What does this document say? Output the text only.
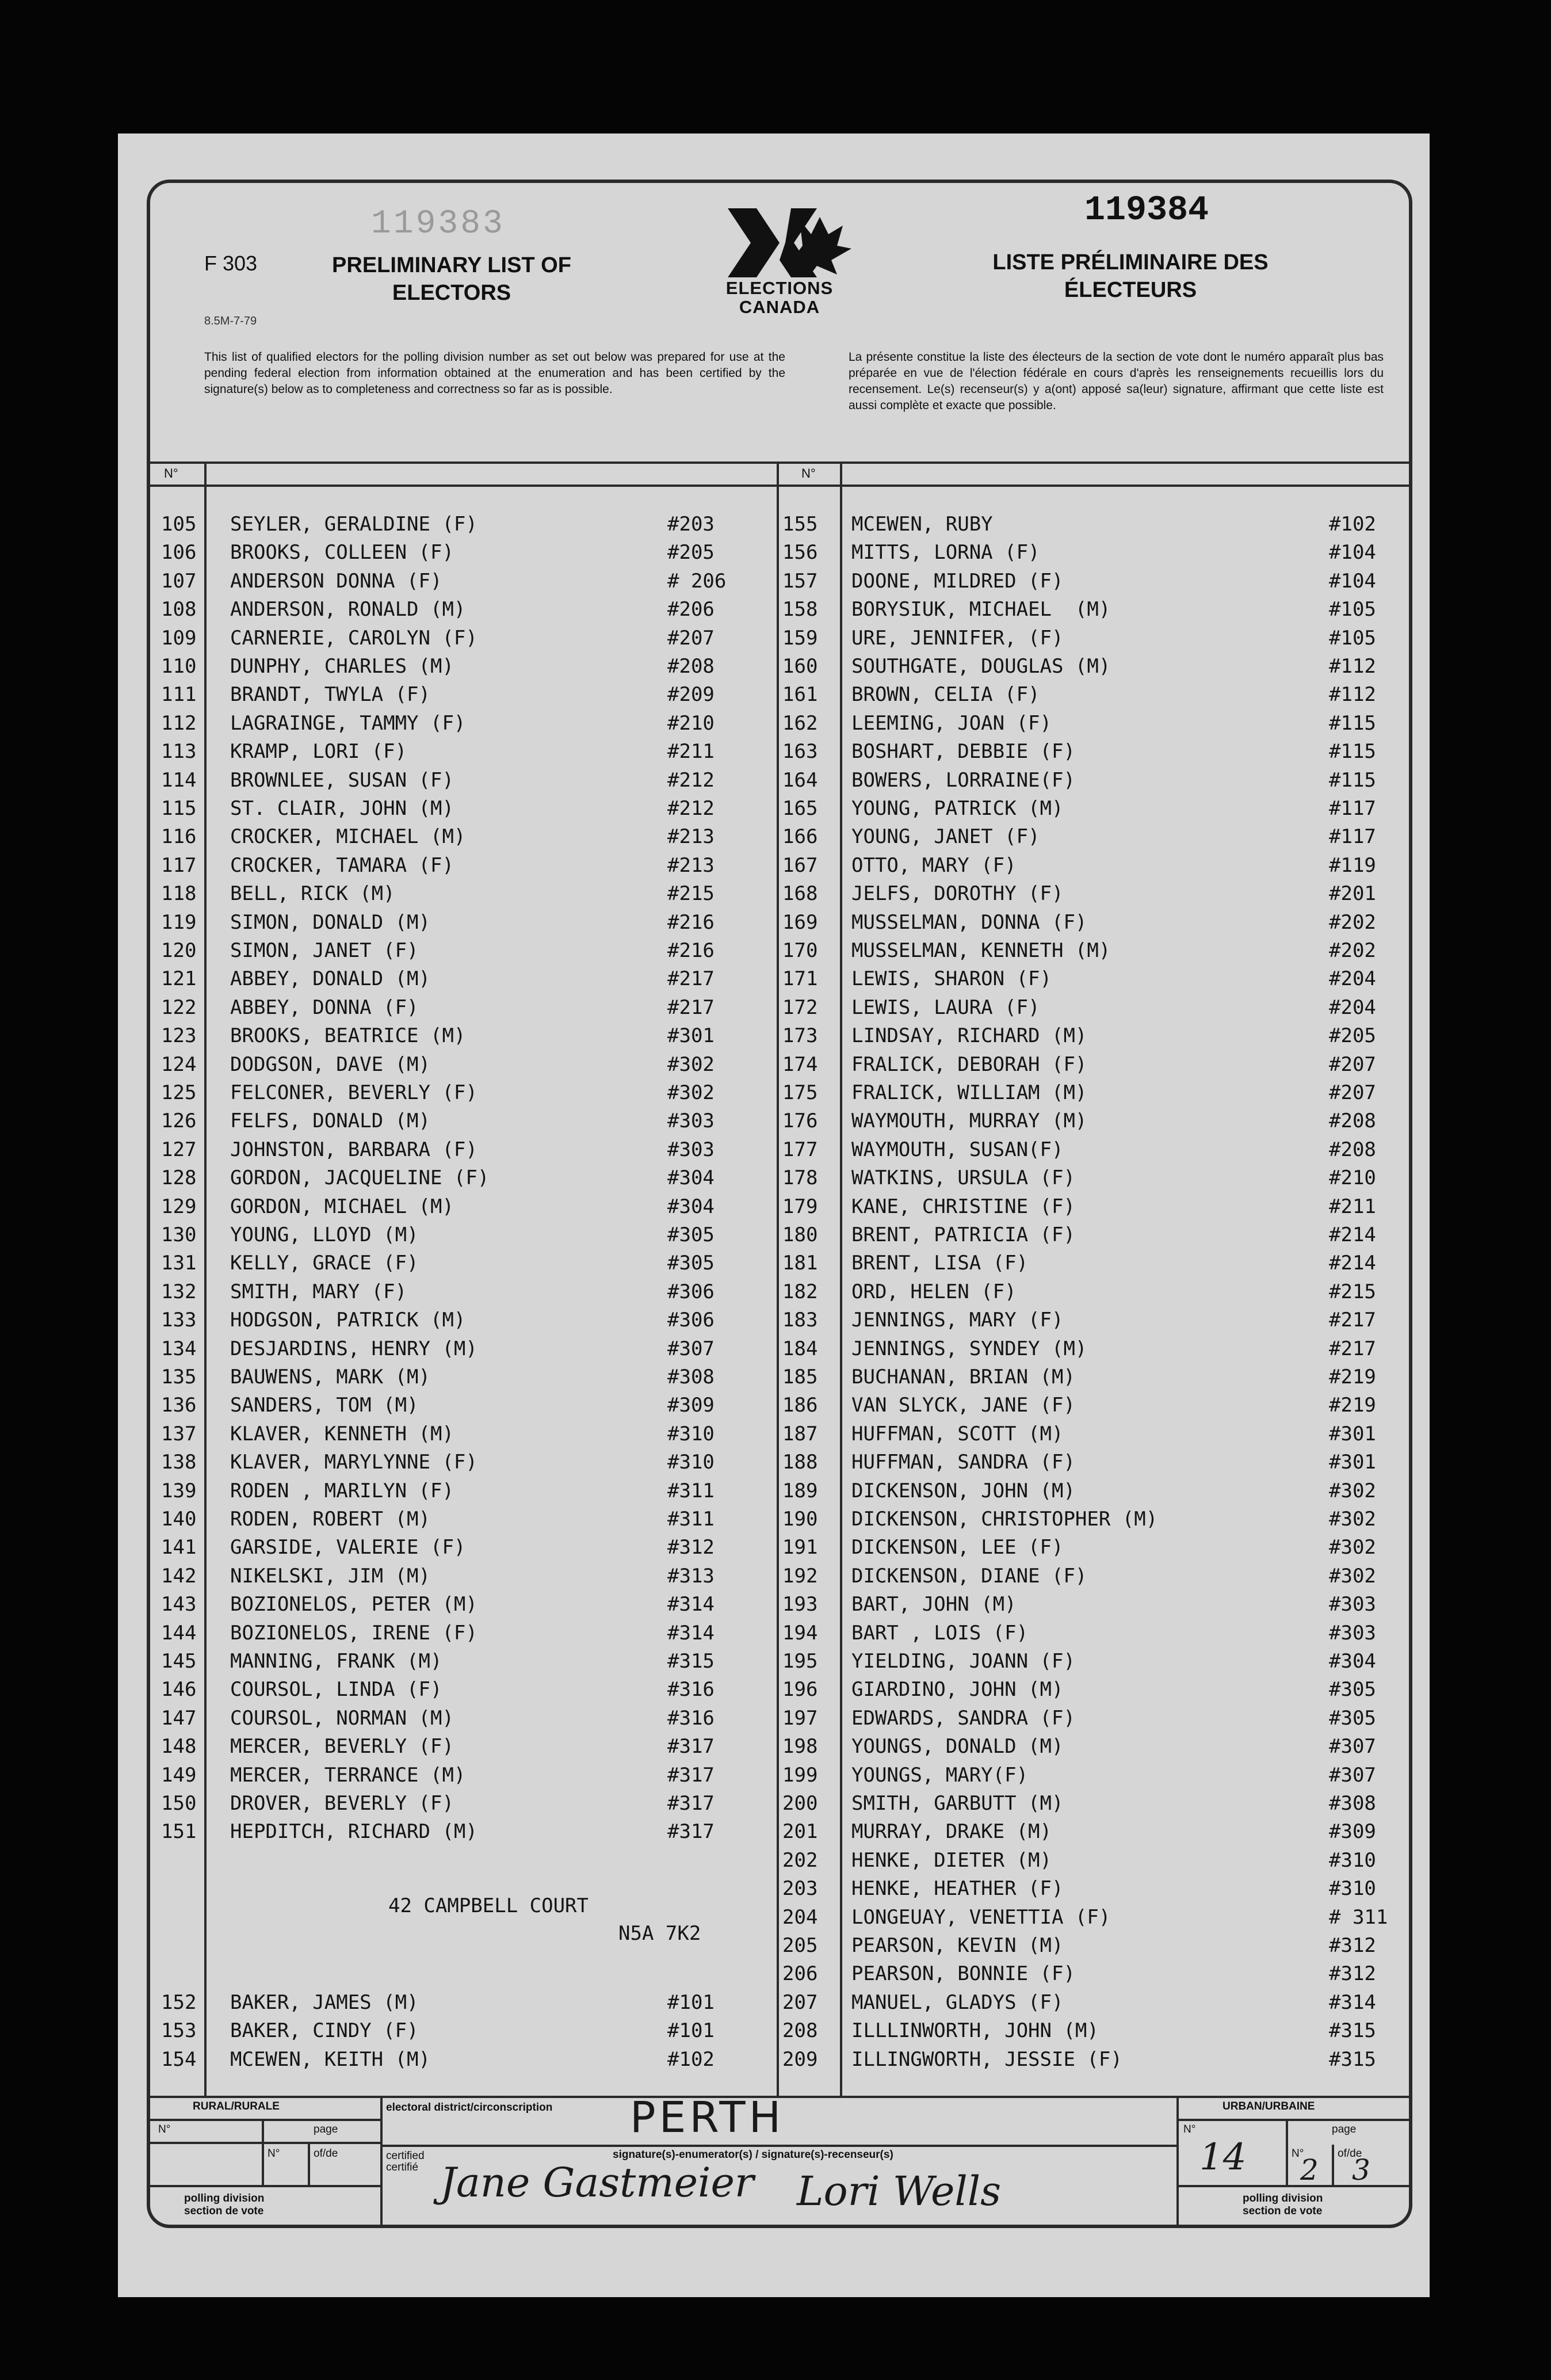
119383	119384
F 303
8.5M-7-79
PRELIMINARY LIST OF
ELECTORS
LISTE PRÉLIMINAIRE DES
ÉLECTEURS
ELECTIONS
CANADA
This list of qualified electors for the polling division number as set out below was prepared for use at the pending federal election from information obtained at the enumeration and has been certified by the signature(s) below as to completeness and correctness so far as is possible.
La présente constitue la liste des électeurs de la section de vote dont le numéro apparaît plus bas préparée en vue de l'élection fédérale en cours d'après les renseignements recueillis lors du recensement. Le(s) recenseur(s) y a(ont) apposé sa(leur) signature, affirmant que cette liste est aussi complète et exacte que possible.
N°	N°
105	SEYLER, GERALDINE (F)	#203
106	BROOKS, COLLEEN (F)	#205
107	ANDERSON DONNA (F)	# 206
108	ANDERSON, RONALD (M)	#206
109	CARNERIE, CAROLYN (F)	#207
110	DUNPHY, CHARLES (M)	#208
111	BRANDT, TWYLA (F)	#209
112	LAGRAINGE, TAMMY (F)	#210
113	KRAMP, LORI (F)	#211
114	BROWNLEE, SUSAN (F)	#212
115	ST. CLAIR, JOHN (M)	#212
116	CROCKER, MICHAEL (M)	#213
117	CROCKER, TAMARA (F)	#213
118	BELL, RICK (M)	#215
119	SIMON, DONALD (M)	#216
120	SIMON, JANET (F)	#216
121	ABBEY, DONALD (M)	#217
122	ABBEY, DONNA (F)	#217
123	BROOKS, BEATRICE (M)	#301
124	DODGSON, DAVE (M)	#302
125	FELCONER, BEVERLY (F)	#302
126	FELFS, DONALD (M)	#303
127	JOHNSTON, BARBARA (F)	#303
128	GORDON, JACQUELINE (F)	#304
129	GORDON, MICHAEL (M)	#304
130	YOUNG, LLOYD (M)	#305
131	KELLY, GRACE (F)	#305
132	SMITH, MARY (F)	#306
133	HODGSON, PATRICK (M)	#306
134	DESJARDINS, HENRY (M)	#307
135	BAUWENS, MARK (M)	#308
136	SANDERS, TOM (M)	#309
137	KLAVER, KENNETH (M)	#310
138	KLAVER, MARYLYNNE (F)	#310
139	RODEN , MARILYN (F)	#311
140	RODEN, ROBERT (M)	#311
141	GARSIDE, VALERIE (F)	#312
142	NIKELSKI, JIM (M)	#313
143	BOZIONELOS, PETER (M)	#314
144	BOZIONELOS, IRENE (F)	#314
145	MANNING, FRANK (M)	#315
146	COURSOL, LINDA (F)	#316
147	COURSOL, NORMAN (M)	#316
148	MERCER, BEVERLY (F)	#317
149	MERCER, TERRANCE (M)	#317
150	DROVER, BEVERLY (F)	#317
151	HEPDITCH, RICHARD (M)	#317
152	BAKER, JAMES (M)	#101
153	BAKER, CINDY (F)	#101
154	MCEWEN, KEITH (M)	#102
155	MCEWEN, RUBY	#102
156	MITTS, LORNA (F)	#104
157	DOONE, MILDRED (F)	#104
158	BORYSIUK, MICHAEL  (M)	#105
159	URE, JENNIFER, (F)	#105
160	SOUTHGATE, DOUGLAS (M)	#112
161	BROWN, CELIA (F)	#112
162	LEEMING, JOAN (F)	#115
163	BOSHART, DEBBIE (F)	#115
164	BOWERS, LORRAINE(F)	#115
165	YOUNG, PATRICK (M)	#117
166	YOUNG, JANET (F)	#117
167	OTTO, MARY (F)	#119
168	JELFS, DOROTHY (F)	#201
169	MUSSELMAN, DONNA (F)	#202
170	MUSSELMAN, KENNETH (M)	#202
171	LEWIS, SHARON (F)	#204
172	LEWIS, LAURA (F)	#204
173	LINDSAY, RICHARD (M)	#205
174	FRALICK, DEBORAH (F)	#207
175	FRALICK, WILLIAM (M)	#207
176	WAYMOUTH, MURRAY (M)	#208
177	WAYMOUTH, SUSAN(F)	#208
178	WATKINS, URSULA (F)	#210
179	KANE, CHRISTINE (F)	#211
180	BRENT, PATRICIA (F)	#214
181	BRENT, LISA (F)	#214
182	ORD, HELEN (F)	#215
183	JENNINGS, MARY (F)	#217
184	JENNINGS, SYNDEY (M)	#217
185	BUCHANAN, BRIAN (M)	#219
186	VAN SLYCK, JANE (F)	#219
187	HUFFMAN, SCOTT (M)	#301
188	HUFFMAN, SANDRA (F)	#301
189	DICKENSON, JOHN (M)	#302
190	DICKENSON, CHRISTOPHER (M)	#302
191	DICKENSON, LEE (F)	#302
192	DICKENSON, DIANE (F)	#302
193	BART, JOHN (M)	#303
194	BART , LOIS (F)	#303
195	YIELDING, JOANN (F)	#304
196	GIARDINO, JOHN (M)	#305
197	EDWARDS, SANDRA (F)	#305
198	YOUNGS, DONALD (M)	#307
199	YOUNGS, MARY(F)	#307
200	SMITH, GARBUTT (M)	#308
201	MURRAY, DRAKE (M)	#309
202	HENKE, DIETER (M)	#310
203	HENKE, HEATHER (F)	#310
204	LONGEUAY, VENETTIA (F)	# 311
205	PEARSON, KEVIN (M)	#312
206	PEARSON, BONNIE (F)	#312
207	MANUEL, GLADYS (F)	#314
208	ILLLINWORTH, JOHN (M)	#315
209	ILLINGWORTH, JESSIE (F)	#315
42 CAMPBELL COURT
N5A 7K2
RURAL/RURALE	URBAN/URBAINE
N°	page
N°	of/de
polling division
section de vote
electoral district/circonscription PERTH
certified certifié
signature(s)-enumerator(s) / signature(s)-recenseur(s)
Jane Gastmeier Lori Wells
N°	page
N°	of/de
14 2 3
polling division
section de vote
